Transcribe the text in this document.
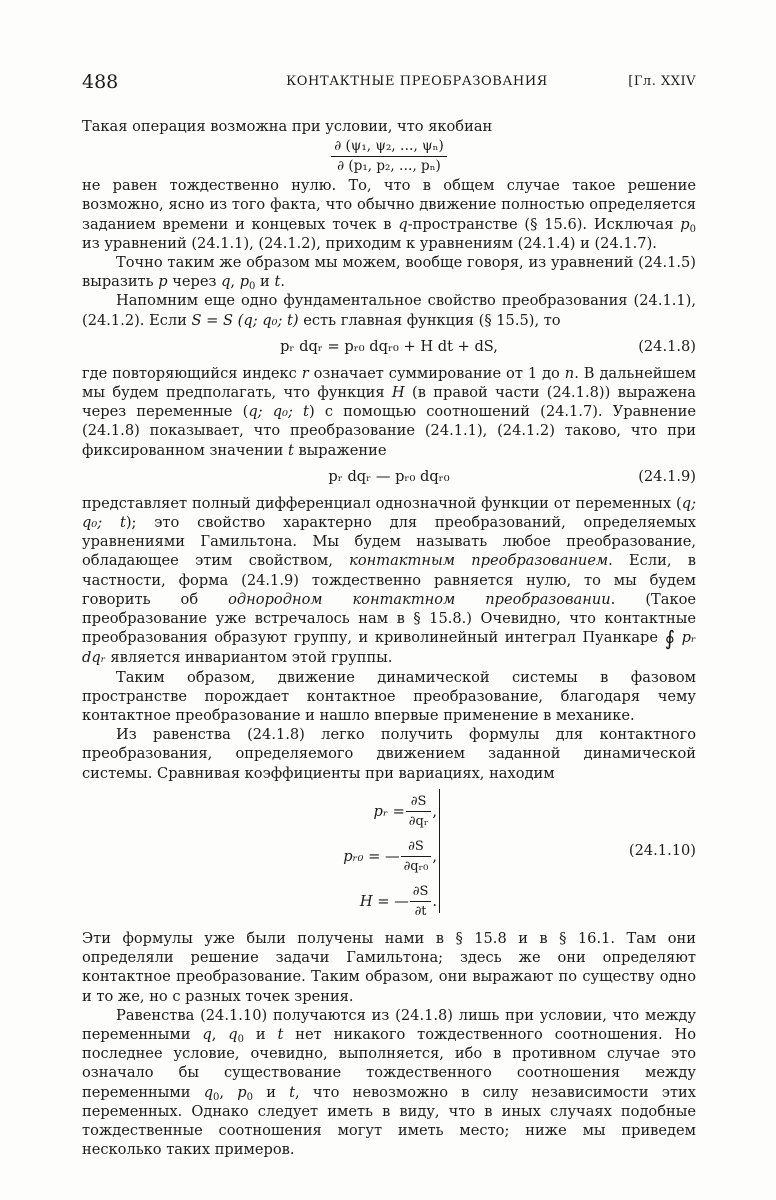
488	КОНТАКТНЫЕ ПРЕОБРАЗОВАНИЯ	[Гл. XXIV

Такая операция возможна при условии, что якобиан

$\frac{\text{∂ (ψ₁, ψ₂, …, ψₙ)}}{\text{∂ (p₁, p₂, …, pₙ)}}$

не равен тождественно нулю. То, что в общем случае такое решение возможно, ясно из того факта, что обычно движение полностью определяется заданием времени и концевых точек в q-пространстве (§ 15.6). Исключая $p_0$ из уравнений (24.1.1), (24.1.2), приходим к уравнениям (24.1.4) и (24.1.7).

Точно таким же образом мы можем, вообще говоря, из уравнений (24.1.5) выразить p через q, $p_0$ и t.

Напомним еще одно фундаментальное свойство преобразования (24.1.1), (24.1.2). Если S = S (q; q₀; t) есть главная функция (§ 15.5), то

pᵣ dqᵣ = pᵣ₀ dqᵣ₀ + H dt + dS,	(24.1.8)

где повторяющийся индекс r означает суммирование от 1 до n. В дальнейшем мы будем предполагать, что функция H (в правой части (24.1.8)) выражена через переменные (q; q₀; t) с помощью соотношений (24.1.7). Уравнение (24.1.8) показывает, что преобразование (24.1.1), (24.1.2) таково, что при фиксированном значении t выражение

pᵣ dqᵣ — pᵣ₀ dqᵣ₀	(24.1.9)

представляет полный дифференциал однозначной функции от переменных (q; q₀; t); это свойство характерно для преобразований, определяемых уравнениями Гамильтона. Мы будем называть любое преобразование, обладающее этим свойством, контактным преобразованием. Если, в частности, форма (24.1.9) тождественно равняется нулю, то мы будем говорить об однородном контактном преобразовании. (Такое преобразование уже встречалось нам в § 15.8.) Очевидно, что контактные преобразования образуют группу, и криволинейный интеграл Пуанкаре ∮ pᵣ dqᵣ является инвариантом этой группы.

Таким образом, движение динамической системы в фазовом пространстве порождает контактное преобразование, благодаря чему контактное преобразование и нашло впервые применение в механике.

Из равенства (24.1.8) легко получить формулы для контактного преобразования, определяемого движением заданной динамической системы. Сравнивая коэффициенты при вариациях, находим

pᵣ = $\frac{\partial S}{\text{∂qᵣ}}$ ,
pᵣ₀ = — $\frac{\partial S}{\text{∂qᵣ₀}}$ ,
H = — $\frac{\partial S}{\partial t}$ .
(24.1.10)

Эти формулы уже были получены нами в § 15.8 и в § 16.1. Там они определяли решение задачи Гамильтона; здесь же они определяют контактное преобразование. Таким образом, они выражают по существу одно и то же, но с разных точек зрения.

Равенства (24.1.10) получаются из (24.1.8) лишь при условии, что между переменными q, $q_0$ и t нет никакого тождественного соотношения. Но последнее условие, очевидно, выполняется, ибо в противном случае это означало бы существование тождественного соотношения между переменными $q_0$, $p_0$ и t, что невозможно в силу независимости этих переменных. Однако следует иметь в виду, что в иных случаях подобные тождественные соотношения могут иметь место; ниже мы приведем несколько таких примеров.
